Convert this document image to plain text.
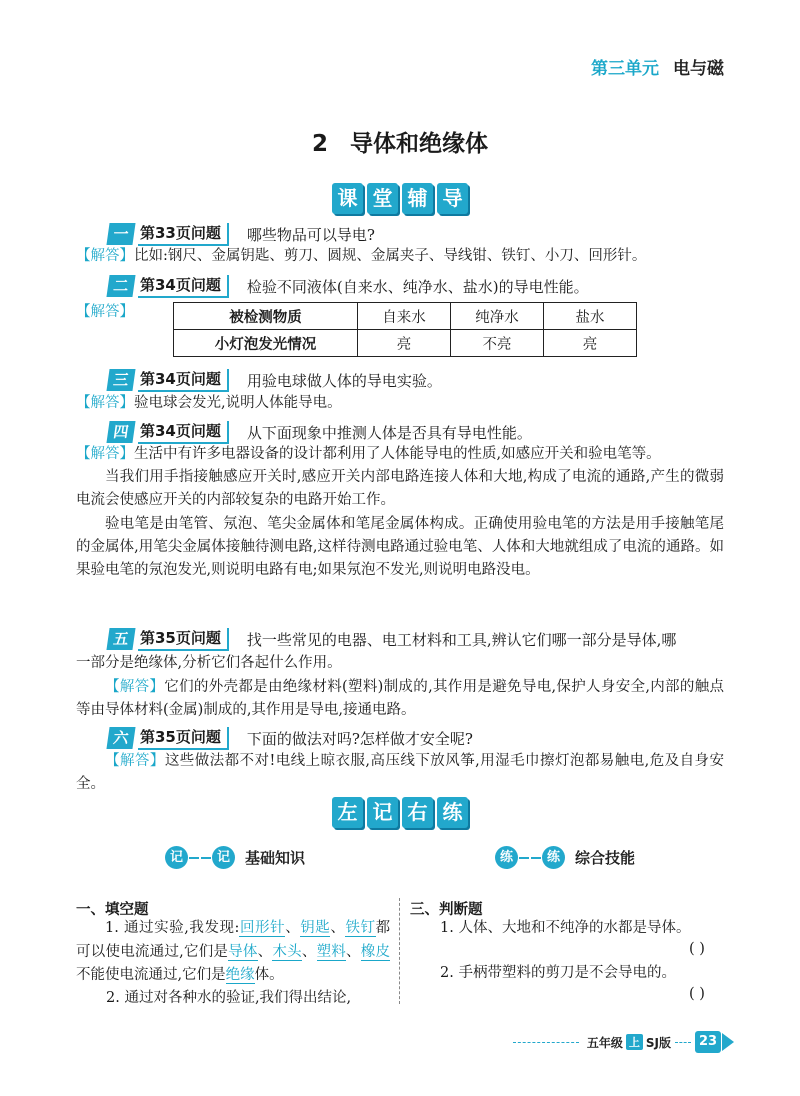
第三单元 电与磁
2 导体和绝缘体
课 堂 辅 导
一 第33页问题	哪些物品可以导电?
【解答】比如:钢尺、金属钥匙、剪刀、圆规、金属夹子、导线钳、铁钉、小刀、回形针。
二 第34页问题	检验不同液体(自来水、纯净水、盐水)的导电性能。
【解答】	被检测物质	自来水	纯净水	盐水
小灯泡发光情况	亮	不亮	亮
三 第34页问题	用验电球做人体的导电实验。
【解答】验电球会发光,说明人体能导电。
四 第34页问题	从下面现象中推测人体是否具有导电性能。
【解答】生活中有许多电器设备的设计都利用了人体能导电的性质,如感应开关和验电笔等。
当我们用手指接触感应开关时,感应开关内部电路连接人体和大地,构成了电流的通路,产生的微弱电流会使感应开关的内部较复杂的电路开始工作。
验电笔是由笔管、氖泡、笔尖金属体和笔尾金属体构成。正确使用验电笔的方法是用手接触笔尾的金属体,用笔尖金属体接触待测电路,这样待测电路通过验电笔、人体和大地就组成了电流的通路。如果验电笔的氖泡发光,则说明电路有电;如果氖泡不发光,则说明电路没电。
五 第35页问题	找一些常见的电器、电工材料和工具,辨认它们哪一部分是导体,哪
一部分是绝缘体,分析它们各起什么作用。
【解答】它们的外壳都是由绝缘材料(塑料)制成的,其作用是避免导电,保护人身安全,内部的触点等由导体材料(金属)制成的,其作用是导电,接通电路。
六 第35页问题	下面的做法对吗?怎样做才安全呢?
【解答】这些做法都不对!电线上晾衣服,高压线下放风筝,用湿毛巾擦灯泡都易触电,危及自身安全。
左 记 右 练
记	记	基础知识	练	练	综合技能
一、填空题
1. 通过实验,我发现:回形针、钥匙、铁钉都可以使电流通过,它们是导体、木头、塑料、橡皮不能使电流通过,它们是绝缘体。
2. 通过对各种水的验证,我们得出结论,
三、判断题
1. 人体、大地和不纯净的水都是导体。
( )
2. 手柄带塑料的剪刀是不会导电的。
( )
五年级 上 SJ版	23
